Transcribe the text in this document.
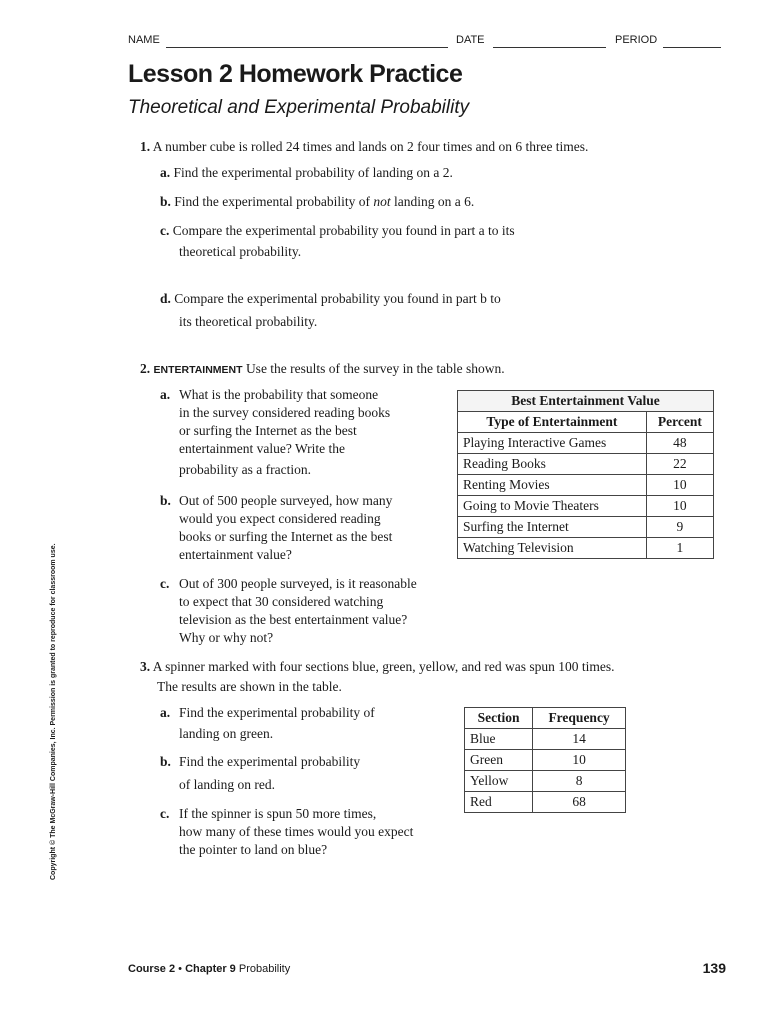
NAME	DATE	PERIOD
Lesson 2 Homework Practice
Theoretical and Experimental Probability
1. A number cube is rolled 24 times and lands on 2 four times and on 6 three times.
a. Find the experimental probability of landing on a 2.
b. Find the experimental probability of not landing on a 6.
c. Compare the experimental probability you found in part a to its
theoretical probability.
d. Compare the experimental probability you found in part b to
its theoretical probability.
2. ENTERTAINMENT Use the results of the survey in the table shown.
a. What is the probability that someone
in the survey considered reading books
or surfing the Internet as the best
entertainment value? Write the
probability as a fraction.
b. Out of 500 people surveyed, how many
would you expect considered reading
books or surfing the Internet as the best
entertainment value?
c. Out of 300 people surveyed, is it reasonable
to expect that 30 considered watching
television as the best entertainment value?
Why or why not?
Best Entertainment Value
Type of Entertainment	Percent
Playing Interactive Games	48
Reading Books	22
Renting Movies	10
Going to Movie Theaters	10
Surfing the Internet	9
Watching Television	1
3. A spinner marked with four sections blue, green, yellow, and red was spun 100 times.
The results are shown in the table.
a. Find the experimental probability of
landing on green.
b. Find the experimental probability
of landing on red.
c. If the spinner is spun 50 more times,
how many of these times would you expect
the pointer to land on blue?
Section	Frequency
Blue	14
Green	10
Yellow	8
Red	68
Copyright © The McGraw-Hill Companies, Inc. Permission is granted to reproduce for classroom use.
Course 2 • Chapter 9 Probability	139
